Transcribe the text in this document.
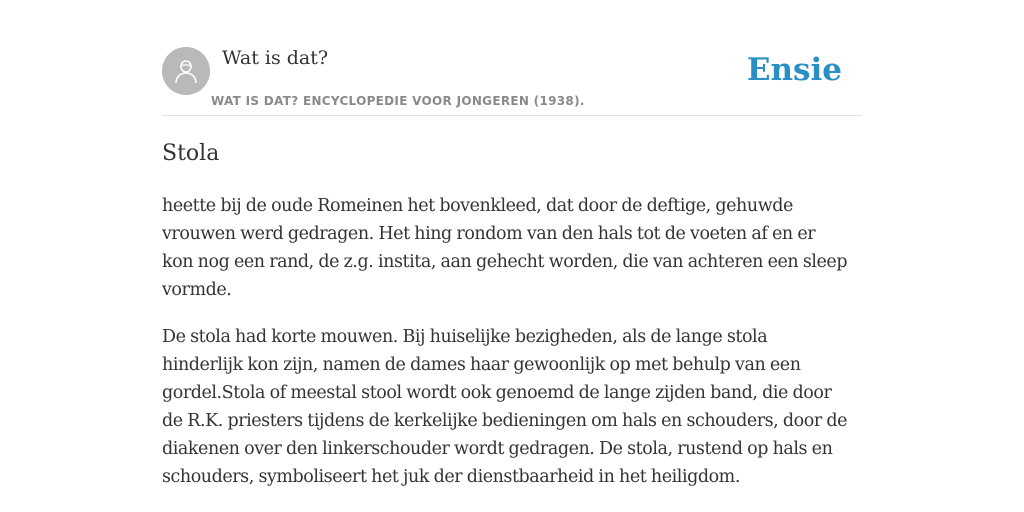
Wat is dat?
WAT IS DAT? ENCYCLOPEDIE VOOR JONGEREN (1938).
Ensie
Stola

heette bij de oude Romeinen het bovenkleed, dat door de deftige, gehuwde
vrouwen werd gedragen. Het hing rondom van den hals tot de voeten af en er
kon nog een rand, de z.g. instita, aan gehecht worden, die van achteren een sleep
vormde.

De stola had korte mouwen. Bij huiselijke bezigheden, als de lange stola
hinderlijk kon zijn, namen de dames haar gewoonlijk op met behulp van een
gordel.Stola of meestal stool wordt ook genoemd de lange zijden band, die door
de R.K. priesters tijdens de kerkelijke bedieningen om hals en schouders, door de
diakenen over den linkerschouder wordt gedragen. De stola, rustend op hals en
schouders, symboliseert het juk der dienstbaarheid in het heiligdom.
